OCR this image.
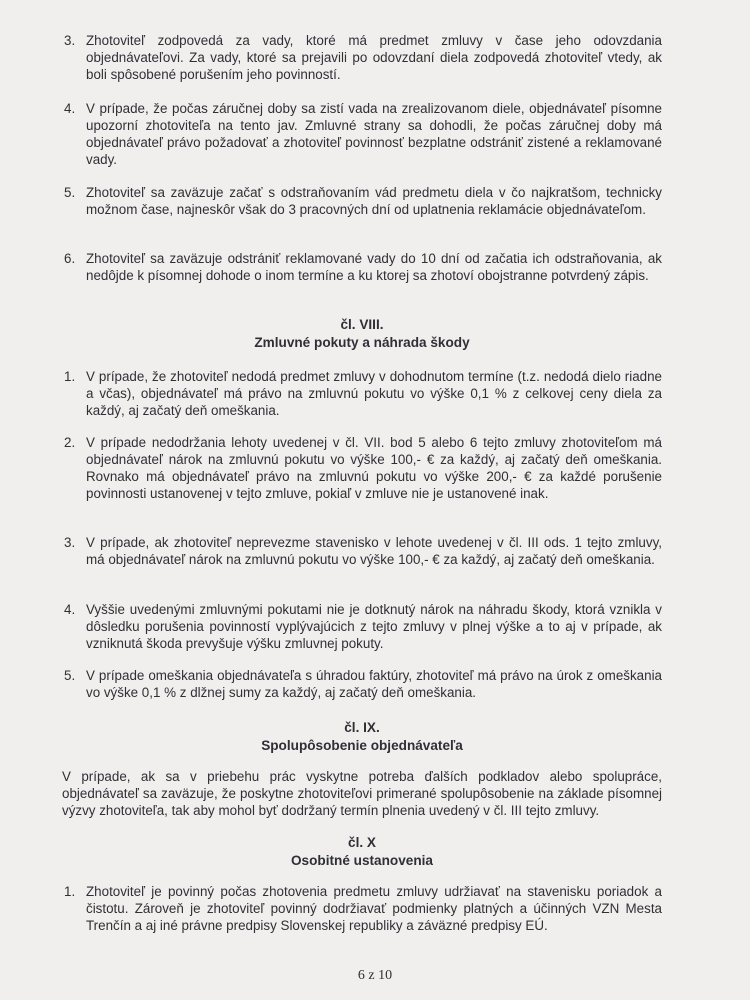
3. Zhotoviteľ zodpovedá za vady, ktoré má predmet zmluvy v čase jeho odovzdania objednávateľovi. Za vady, ktoré sa prejavili po odovzdaní diela zodpovedá zhotoviteľ vtedy, ak boli spôsobené porušením jeho povinností.

4. V prípade, že počas záručnej doby sa zistí vada na zrealizovanom diele, objednávateľ písomne upozorní zhotoviteľa na tento jav. Zmluvné strany sa dohodli, že počas záručnej doby má objednávateľ právo požadovať a zhotoviteľ povinnosť bezplatne odstrániť zistené a reklamované vady.

5. Zhotoviteľ sa zaväzuje začať s odstraňovaním vád predmetu diela v čo najkratšom, technicky možnom čase, najneskôr však do 3 pracovných dní od uplatnenia reklamácie objednávateľom.

6. Zhotoviteľ sa zaväzuje odstrániť reklamované vady do 10 dní od začatia ich odstraňovania, ak nedôjde k písomnej dohode o inom termíne a ku ktorej sa zhotoví obojstranne potvrdený zápis.

čl. VIII.

Zmluvné pokuty a náhrada škody

1. V prípade, že zhotoviteľ nedodá predmet zmluvy v dohodnutom termíne (t.z. nedodá dielo riadne a včas), objednávateľ má právo na zmluvnú pokutu vo výške 0,1 % z celkovej ceny diela za každý, aj začatý deň omeškania.

2. V prípade nedodržania lehoty uvedenej v čl. VII. bod 5 alebo 6 tejto zmluvy zhotoviteľom má objednávateľ nárok na zmluvnú pokutu vo výške 100,- € za každý, aj začatý deň omeškania. Rovnako má objednávateľ právo na zmluvnú pokutu vo výške 200,- € za každé porušenie povinnosti ustanovenej v tejto zmluve, pokiaľ v zmluve nie je ustanovené inak.

3. V prípade, ak zhotoviteľ neprevezme stavenisko v lehote uvedenej v čl. III ods. 1 tejto zmluvy, má objednávateľ nárok na zmluvnú pokutu vo výške 100,- € za každý, aj začatý deň omeškania.

4. Vyššie uvedenými zmluvnými pokutami nie je dotknutý nárok na náhradu škody, ktorá vznikla v dôsledku porušenia povinností vyplývajúcich z tejto zmluvy v plnej výške a to aj v prípade, ak vzniknutá škoda prevyšuje výšku zmluvnej pokuty.

5. V prípade omeškania objednávateľa s úhradou faktúry, zhotoviteľ má právo na úrok z omeškania vo výške 0,1 % z dlžnej sumy za každý, aj začatý deň omeškania.

čl. IX.

Spolupôsobenie objednávateľa

V prípade, ak sa v priebehu prác vyskytne potreba ďalších podkladov alebo spolupráce, objednávateľ sa zaväzuje, že poskytne zhotoviteľovi primerané spolupôsobenie na základe písomnej výzvy zhotoviteľa, tak aby mohol byť dodržaný termín plnenia uvedený v čl. III tejto zmluvy.

čl. X

Osobitné ustanovenia

1. Zhotoviteľ je povinný počas zhotovenia predmetu zmluvy udržiavať na stavenisku poriadok a čistotu. Zároveň je zhotoviteľ povinný dodržiavať podmienky platných a účinných VZN Mesta Trenčín a aj iné právne predpisy Slovenskej republiky a záväzné predpisy EÚ.

6 z 10
